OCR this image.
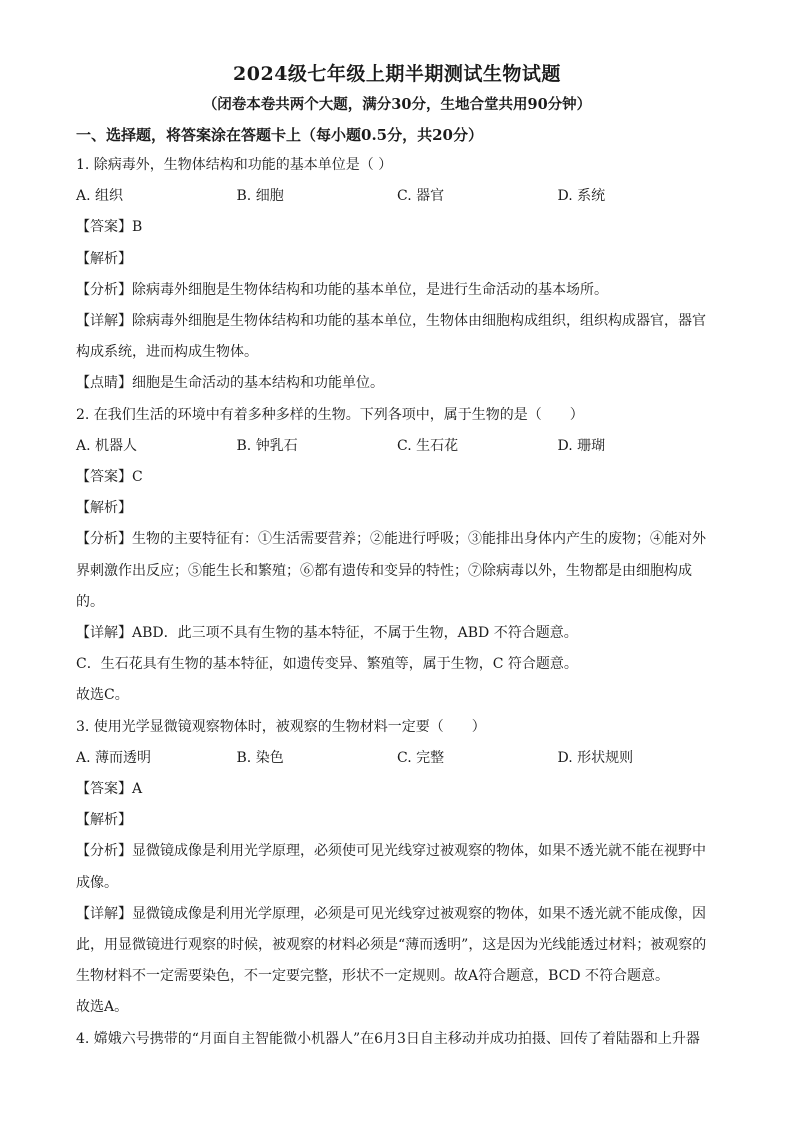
2024级七年级上期半期测试生物试题

（闭卷本卷共两个大题，满分30分，生地合堂共用90分钟）

一、选择题，将答案涂在答题卡上（每小题0.5分，共20分）

1. 除病毒外，生物体结构和功能的基本单位是（ ）

A. 组织	B. 细胞	C. 器官	D. 系统

【答案】B

【解析】

【分析】除病毒外细胞是生物体结构和功能的基本单位，是进行生命活动的基本场所。

【详解】除病毒外细胞是生物体结构和功能的基本单位，生物体由细胞构成组织，组织构成器官，器官构成系统，进而构成生物体。

【点睛】细胞是生命活动的基本结构和功能单位。

2. 在我们生活的环境中有着多种多样的生物。下列各项中，属于生物的是（　　）

A. 机器人	B. 钟乳石	C. 生石花	D. 珊瑚

【答案】C

【解析】

【分析】生物的主要特征有：①生活需要营养；②能进行呼吸；③能排出身体内产生的废物；④能对外界刺激作出反应；⑤能生长和繁殖；⑥都有遗传和变异的特性；⑦除病毒以外，生物都是由细胞构成的。

【详解】ABD．此三项不具有生物的基本特征，不属于生物，ABD 不符合题意。

C．生石花具有生物的基本特征，如遗传变异、繁殖等，属于生物，C 符合题意。

故选C。

3. 使用光学显微镜观察物体时，被观察的生物材料一定要（　　）

A. 薄而透明	B. 染色	C. 完整	D. 形状规则

【答案】A

【解析】

【分析】显微镜成像是利用光学原理，必须使可见光线穿过被观察的物体，如果不透光就不能在视野中成像。

【详解】显微镜成像是利用光学原理，必须是可见光线穿过被观察的物体，如果不透光就不能成像，因此，用显微镜进行观察的时候，被观察的材料必须是“薄而透明”，这是因为光线能透过材料；被观察的生物材料不一定需要染色，不一定要完整，形状不一定规则。故A符合题意，BCD 不符合题意。

故选A。

4. 嫦娥六号携带的“月面自主智能微小机器人”在6月3日自主移动并成功拍摄、回传了着陆器和上升器
